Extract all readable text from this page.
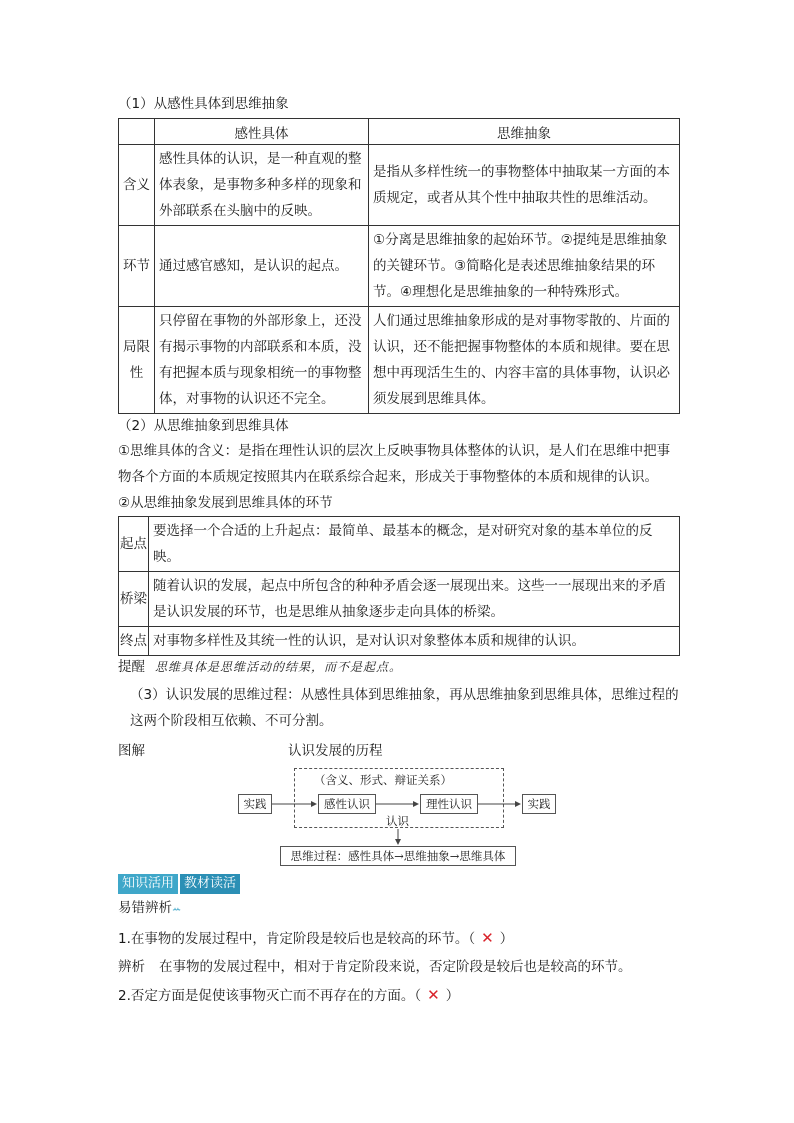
（1）从感性具体到思维抽象
	感性具体	思维抽象
含义	感性具体的认识，是一种直观的整体表象，是事物多种多样的现象和外部联系在头脑中的反映。	是指从多样性统一的事物整体中抽取某一方面的本质规定，或者从其个性中抽取共性的思维活动。
环节	通过感官感知，是认识的起点。	①分离是思维抽象的起始环节。②提纯是思维抽象的关键环节。③简略化是表述思维抽象结果的环节。④理想化是思维抽象的一种特殊形式。
局限性	只停留在事物的外部形象上，还没有揭示事物的内部联系和本质，没有把握本质与现象相统一的事物整体，对事物的认识还不完全。	人们通过思维抽象形成的是对事物零散的、片面的认识，还不能把握事物整体的本质和规律。要在思想中再现活生生的、内容丰富的具体事物，认识必须发展到思维具体。
（2）从思维抽象到思维具体
①思维具体的含义：是指在理性认识的层次上反映事物具体整体的认识，是人们在思维中把事物各个方面的本质规定按照其内在联系综合起来，形成关于事物整体的本质和规律的认识。
②从思维抽象发展到思维具体的环节
起点	要选择一个合适的上升起点：最简单、最基本的概念，是对研究对象的基本单位的反映。
桥梁	随着认识的发展，起点中所包含的种种矛盾会逐一展现出来。这些一一展现出来的矛盾是认识发展的环节，也是思维从抽象逐步走向具体的桥梁。
终点	对事物多样性及其统一性的认识，是对认识对象整体本质和规律的认识。
提醒 思维具体是思维活动的结果，而不是起点。
（3）认识发展的思维过程：从感性具体到思维抽象，再从思维抽象到思维具体，思维过程的这两个阶段相互依赖、不可分割。
图解	认识发展的历程
（含义、形式、辩证关系）
实践	感性认识	理性认识	实践
认识
思维过程：感性具体→思维抽象→思维具体
知识活用 教材读活
易错辨析ꕀ
1.在事物的发展过程中，肯定阶段是较后也是较高的环节。（ ✕ ）
辨析 在事物的发展过程中，相对于肯定阶段来说，否定阶段是较后也是较高的环节。
2.否定方面是促使该事物灭亡而不再存在的方面。（ ✕ ）
